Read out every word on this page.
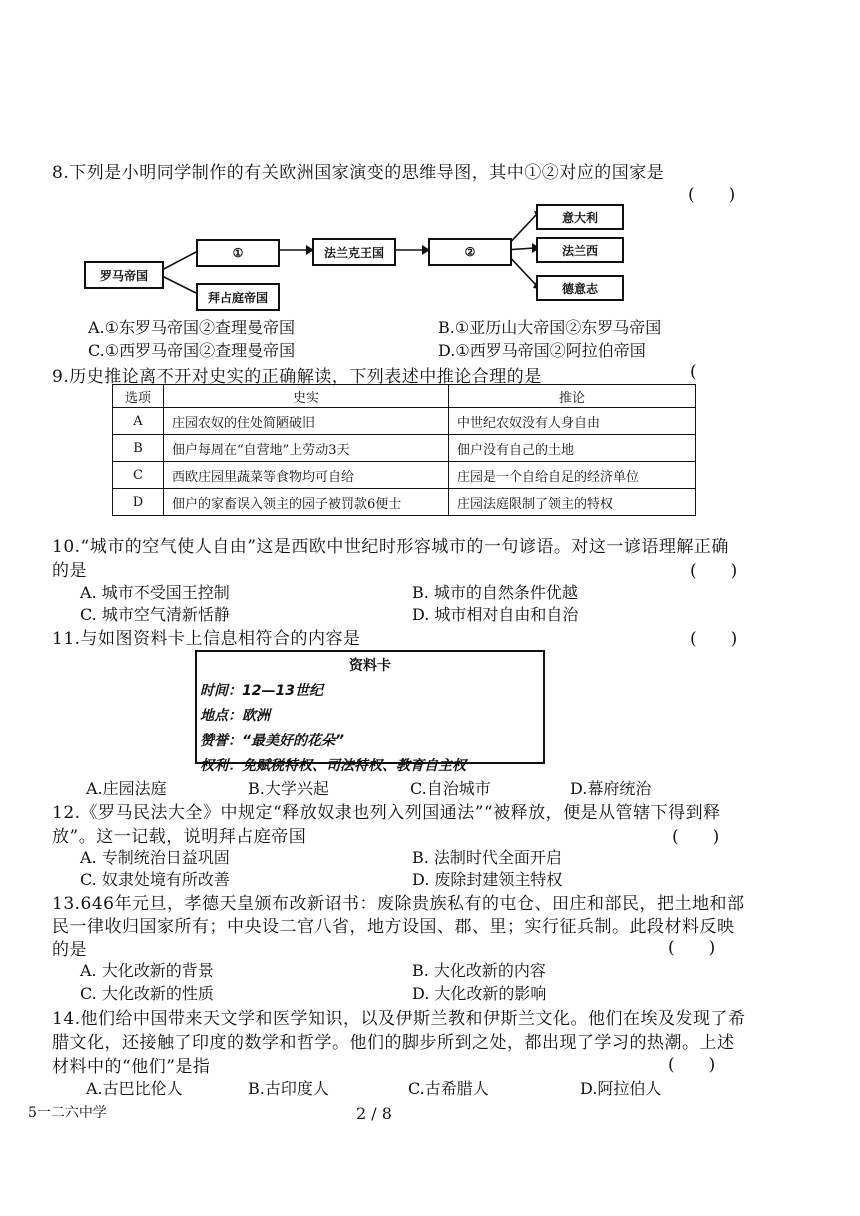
8.下列是小明同学制作的有关欧洲国家演变的思维导图，其中①②对应的国家是
(　　)
罗马帝国
①
拜占庭帝国
法兰克王国	②
意大利
法兰西
德意志
A.①东罗马帝国②查理曼帝国	B.①亚历山大帝国②东罗马帝国
C.①西罗马帝国②查理曼帝国	D.①西罗马帝国②阿拉伯帝国
9.历史推论离不开对史实的正确解读，下列表述中推论合理的是	(
选项	史实	推论
A	庄园农奴的住处简陋破旧	中世纪农奴没有人身自由
B	佃户每周在“自营地”上劳动3天	佃户没有自己的土地
C	西欧庄园里蔬菜等食物均可自给	庄园是一个自给自足的经济单位
D	佃户的家畜误入领主的园子被罚款6便士	庄园法庭限制了领主的特权
10.“城市的空气使人自由”这是西欧中世纪时形容城市的一句谚语。对这一谚语理解正确
的是	(　　)
A. 城市不受国王控制	B. 城市的自然条件优越
C. 城市空气清新恬静	D. 城市相对自由和自治
11.与如图资料卡上信息相符合的内容是	(　　)
资料卡
时间：12—13世纪
地点：欧洲
赞誉：“最美好的花朵”
权利：免赋税特权、司法特权、教育自主权
A.庄园法庭	B.大学兴起	C.自治城市	D.幕府统治
12.《罗马民法大全》中规定“释放奴隶也列入列国通法”“被释放，便是从管辖下得到释
放”。这一记载，说明拜占庭帝国	(　　)
A. 专制统治日益巩固	B. 法制时代全面开启
C. 奴隶处境有所改善	D. 废除封建领主特权
13.646年元旦，孝德天皇颁布改新诏书：废除贵族私有的屯仓、田庄和部民，把土地和部
民一律收归国家所有；中央设二官八省，地方设国、郡、里；实行征兵制。此段材料反映
的是	(　　)
A. 大化改新的背景	B. 大化改新的内容
C. 大化改新的性质	D. 大化改新的影响
14.他们给中国带来天文学和医学知识，以及伊斯兰教和伊斯兰文化。他们在埃及发现了希
腊文化，还接触了印度的数学和哲学。他们的脚步所到之处，都出现了学习的热潮。上述
材料中的“他们”是指	(　　)
A.古巴比伦人	B.古印度人	C.古希腊人	D.阿拉伯人
5一二六中学	2 / 8
